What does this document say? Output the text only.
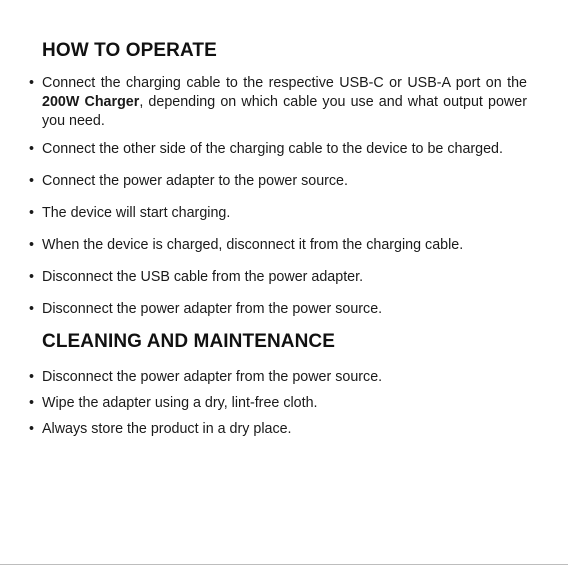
HOW TO OPERATE
• Connect the charging cable to the respective USB-C or USB-A port on the 200W Charger, depending on which cable you use and what output power you need.
• Connect the other side of the charging cable to the device to be charged.
• Connect the power adapter to the power source.
• The device will start charging.
• When the device is charged, disconnect it from the charging cable.
• Disconnect the USB cable from the power adapter.
• Disconnect the power adapter from the power source.
CLEANING AND MAINTENANCE
• Disconnect the power adapter from the power source.
• Wipe the adapter using a dry, lint-free cloth.
• Always store the product in a dry place.
